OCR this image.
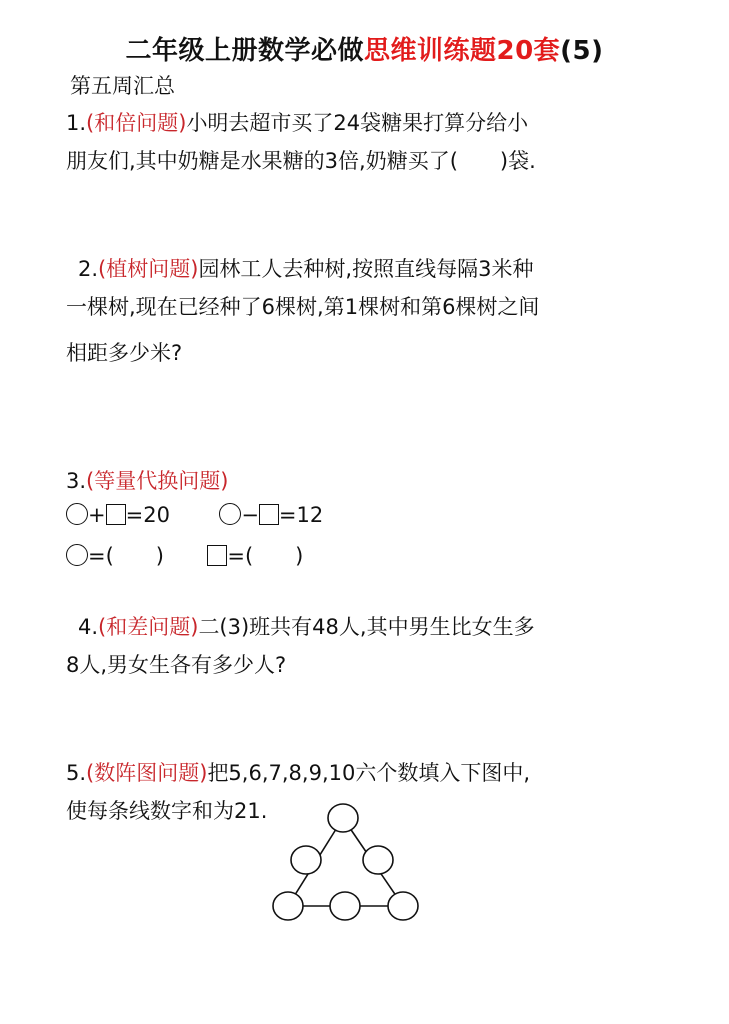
二年级上册数学必做思维训练题20套(5)
第五周汇总
1.(和倍问题)小明去超市买了24袋糖果打算分给小
朋友们,其中奶糖是水果糖的3倍,奶糖买了(　　)袋.
2.(植树问题)园林工人去种树,按照直线每隔3米种
一棵树,现在已经种了6棵树,第1棵树和第6棵树之间
相距多少米?
3.(等量代换问题)
+ =20	− =12
=(　　)	=(　　)
4.(和差问题)二(3)班共有48人,其中男生比女生多
8人,男女生各有多少人?
5.(数阵图问题)把5,6,7,8,9,10六个数填入下图中,
使每条线数字和为21.
